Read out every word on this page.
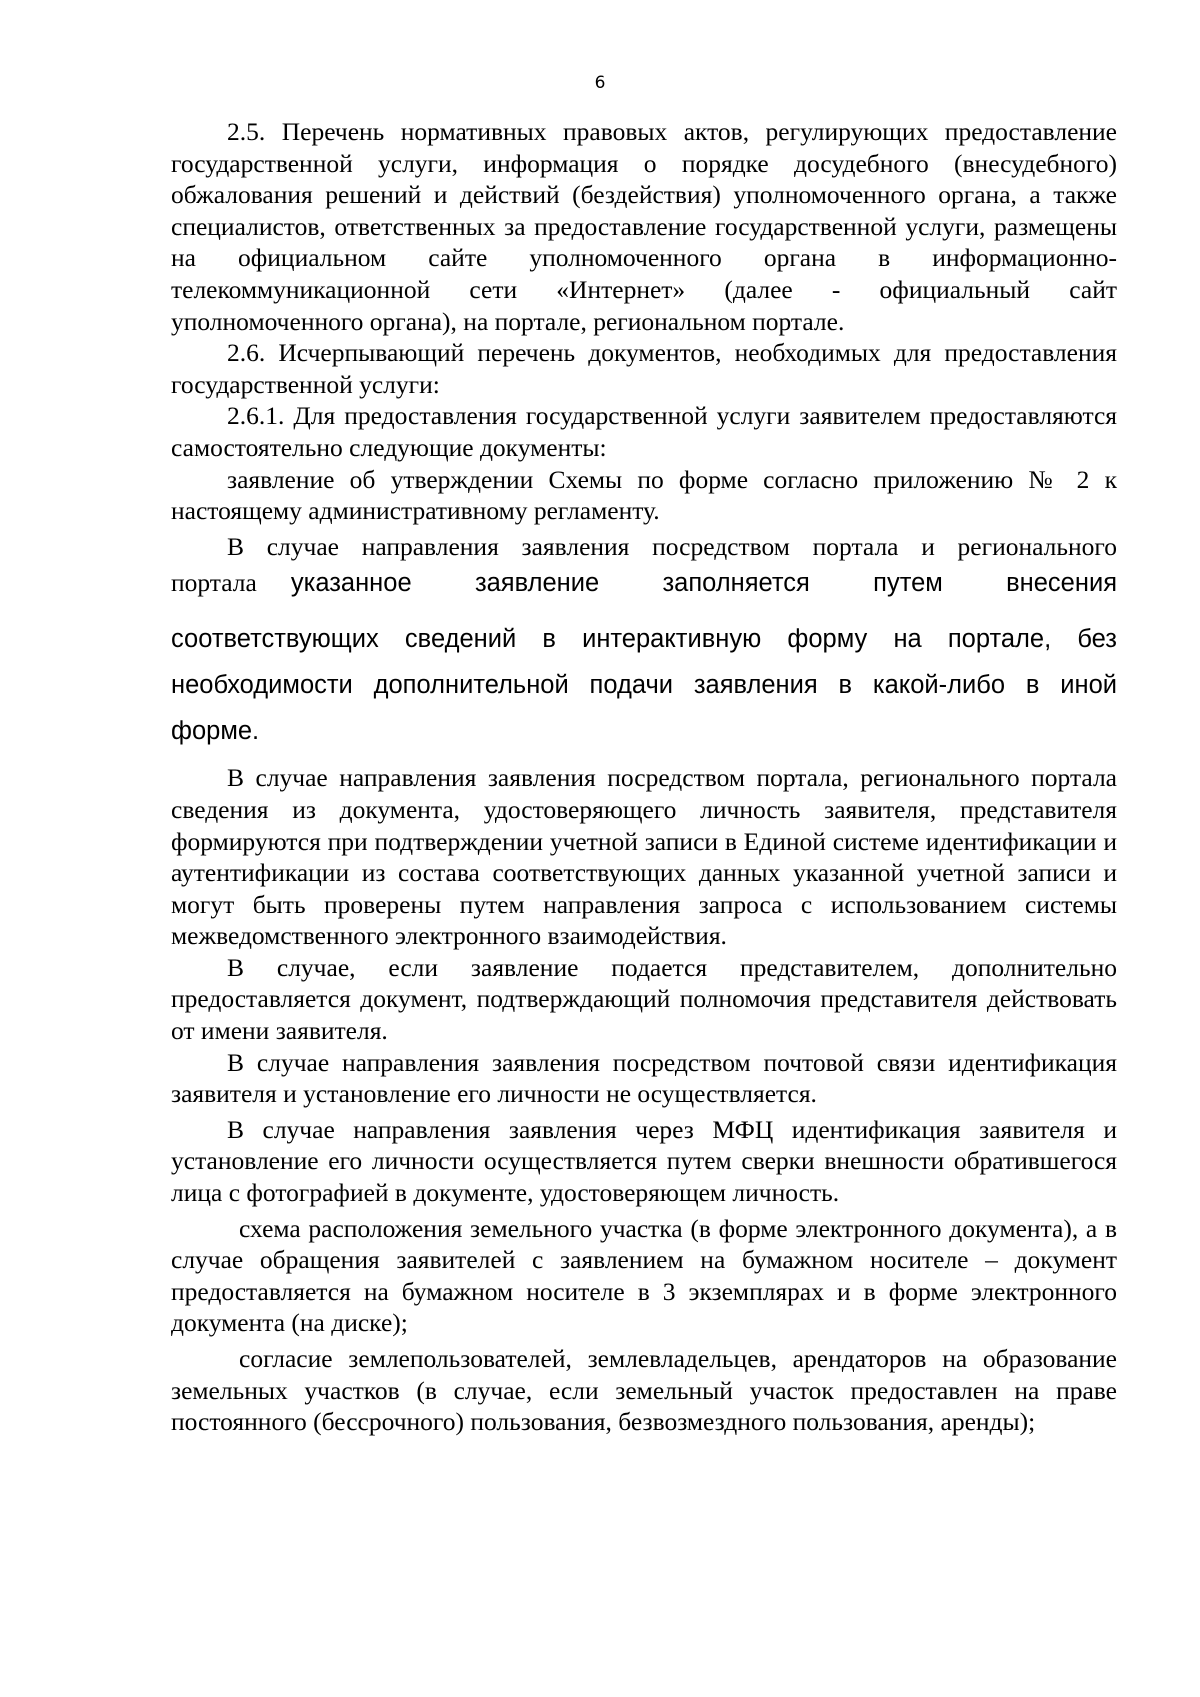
6

2.5. Перечень нормативных правовых актов, регулирующих предоставление государственной услуги, информация о порядке досудебного (внесудебного) обжалования решений и действий (бездействия) уполномоченного органа, а также специалистов, ответственных за предоставление государственной услуги, размещены на официальном сайте уполномоченного органа в информационно-телекоммуникационной сети «Интернет» (далее - официальный сайт уполномоченного органа), на портале, региональном портале.

2.6. Исчерпывающий перечень документов, необходимых для предоставления государственной услуги:

2.6.1. Для предоставления государственной услуги заявителем предоставляются самостоятельно следующие документы:

заявление об утверждении Схемы по форме согласно приложению № 2 к настоящему административному регламенту.

В случае направления заявления посредством портала и регионального
портала указанное заявление заполняется путем внесения
соответствующих сведений в интерактивную форму на портале, без
необходимости дополнительной подачи заявления в какой-либо в иной
форме.

В случае направления заявления посредством портала, регионального портала сведения из документа, удостоверяющего личность заявителя, представителя формируются при подтверждении учетной записи в Единой системе идентификации и аутентификации из состава соответствующих данных указанной учетной записи и могут быть проверены путем направления запроса с использованием системы межведомственного электронного взаимодействия.

В случае, если заявление подается представителем, дополнительно предоставляется документ, подтверждающий полномочия представителя действовать от имени заявителя.

В случае направления заявления посредством почтовой связи идентификация заявителя и установление его личности не осуществляется.

В случае направления заявления через МФЦ идентификация заявителя и установление его личности осуществляется путем сверки внешности обратившегося лица с фотографией в документе, удостоверяющем личность.

схема расположения земельного участка (в форме электронного документа), а в случае обращения заявителей с заявлением на бумажном носителе – документ предоставляется на бумажном носителе в 3 экземплярах и в форме электронного документа (на диске);

согласие землепользователей, землевладельцев, арендаторов на образование земельных участков (в случае, если земельный участок предоставлен на праве постоянного (бессрочного) пользования, безвозмездного пользования, аренды);
